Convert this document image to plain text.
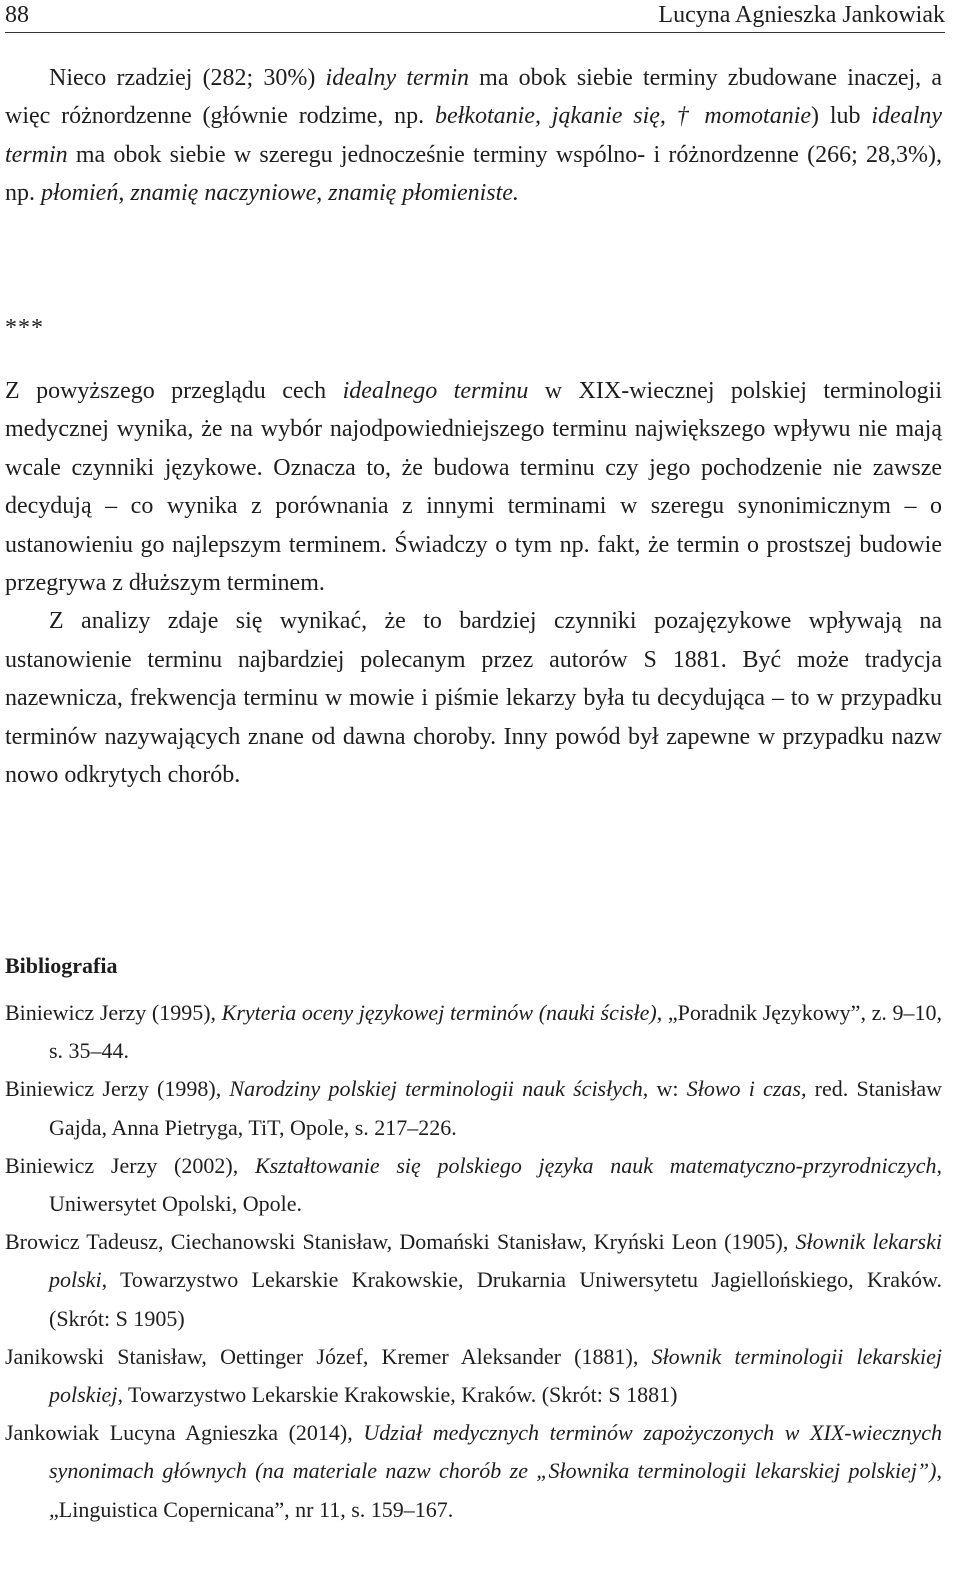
88	Lucyna Agnieszka Jankowiak

Nieco rzadziej (282; 30%) idealny termin ma obok siebie terminy zbudowane inaczej, a więc różnordzenne (głównie rodzime, np. bełkotanie, jąkanie się, † momotanie) lub idealny termin ma obok siebie w szeregu jednocześnie terminy wspólno- i różnordzenne (266; 28,3%), np. płomień, znamię naczyniowe, znamię płomieniste.

***

Z powyższego przeglądu cech idealnego terminu w XIX-wiecznej polskiej terminologii medycznej wynika, że na wybór najodpowiedniejszego terminu największego wpływu nie mają wcale czynniki językowe. Oznacza to, że budowa terminu czy jego pochodzenie nie zawsze decydują – co wynika z porównania z innymi terminami w szeregu synonimicznym – o ustanowieniu go najlepszym terminem. Świadczy o tym np. fakt, że termin o prostszej budowie przegrywa z dłuższym terminem.

Z analizy zdaje się wynikać, że to bardziej czynniki pozajęzykowe wpływają na ustanowienie terminu najbardziej polecanym przez autorów S 1881. Być może tradycja nazewnicza, frekwencja terminu w mowie i piśmie lekarzy była tu decydująca – to w przypadku terminów nazywających znane od dawna choroby. Inny powód był zapewne w przypadku nazw nowo odkrytych chorób.

Bibliografia

Biniewicz Jerzy (1995), Kryteria oceny językowej terminów (nauki ścisłe), „Poradnik Językowy”, z. 9–10, s. 35–44.

Biniewicz Jerzy (1998), Narodziny polskiej terminologii nauk ścisłych, w: Słowo i czas, red. Stanisław Gajda, Anna Pietryga, TiT, Opole, s. 217–226.

Biniewicz Jerzy (2002), Kształtowanie się polskiego języka nauk matematyczno-przyrodniczych, Uniwersytet Opolski, Opole.

Browicz Tadeusz, Ciechanowski Stanisław, Domański Stanisław, Kryński Leon (1905), Słownik lekarski polski, Towarzystwo Lekarskie Krakowskie, Drukarnia Uniwersytetu Jagiellońskiego, Kraków. (Skrót: S 1905)

Janikowski Stanisław, Oettinger Józef, Kremer Aleksander (1881), Słownik terminologii lekarskiej polskiej, Towarzystwo Lekarskie Krakowskie, Kraków. (Skrót: S 1881)

Jankowiak Lucyna Agnieszka (2014), Udział medycznych terminów zapożyczonych w XIX-wiecznych synonimach głównych (na materiale nazw chorób ze „Słownika terminologii lekarskiej polskiej”), „Linguistica Copernicana”, nr 11, s. 159–167.
